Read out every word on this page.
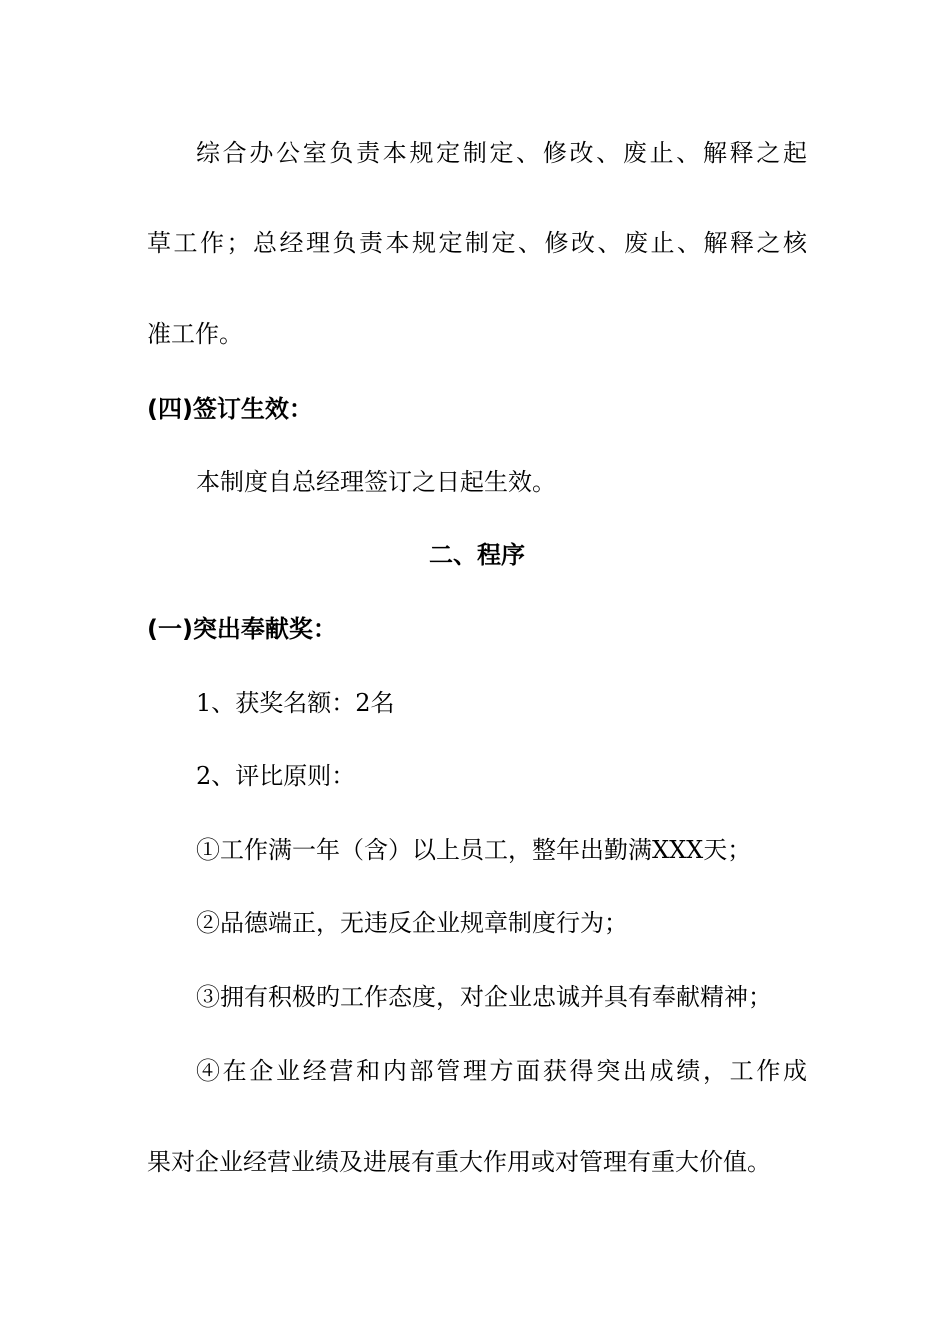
综合办公室负责本规定制定、修改、废止、解释之起
草工作；总经理负责本规定制定、修改、废止、解释之核
准工作。
(四)签订生效：
本制度自总经理签订之日起生效。
二、程序
(一)突出奉献奖：
1、获奖名额：2名
2、评比原则：
①工作满一年（含）以上员工，整年出勤满XXX天；
②品德端正，无违反企业规章制度行为；
③拥有积极旳工作态度，对企业忠诚并具有奉献精神；
④在企业经营和内部管理方面获得突出成绩，工作成
果对企业经营业绩及进展有重大作用或对管理有重大价值。
